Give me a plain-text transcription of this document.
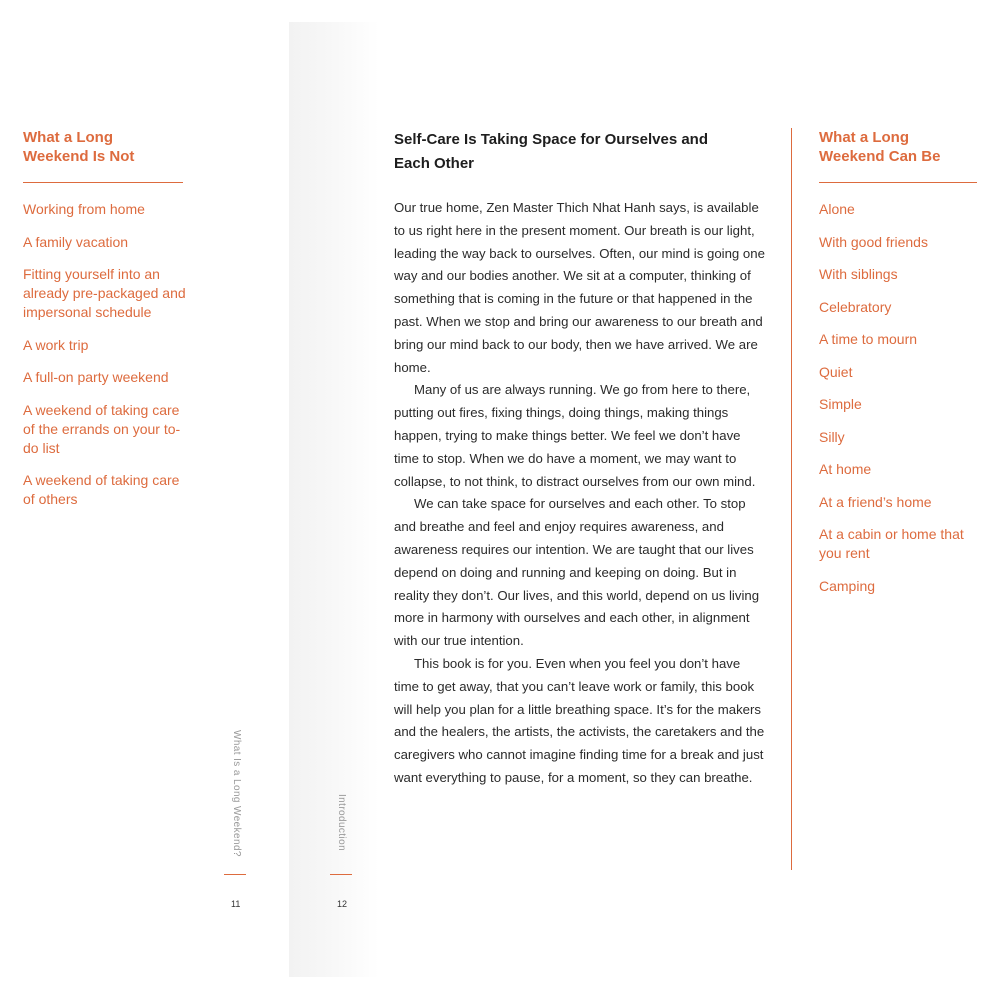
What a Long Weekend Is Not
Working from home
A family vacation
Fitting yourself into an already pre-packaged and impersonal schedule
A work trip
A full-on party weekend
A weekend of taking care of the errands on your to-do list
A weekend of taking care of others
What Is a Long Weekend?
11
Introduction
12
Self-Care Is Taking Space for Ourselves and Each Other

Our true home, Zen Master Thich Nhat Hanh says, is available to us right here in the present moment. Our breath is our light, leading the way back to ourselves. Often, our mind is going one way and our bodies another. We sit at a computer, thinking of something that is coming in the future or that happened in the past. When we stop and bring our awareness to our breath and bring our mind back to our body, then we have arrived. We are home.

Many of us are always running. We go from here to there, putting out fires, fixing things, doing things, making things happen, trying to make things better. We feel we don’t have time to stop. When we do have a moment, we may want to collapse, to not think, to distract ourselves from our own mind.

We can take space for ourselves and each other. To stop and breathe and feel and enjoy requires awareness, and awareness requires our intention. We are taught that our lives depend on doing and running and keeping on doing. But in reality they don’t. Our lives, and this world, depend on us living more in harmony with ourselves and each other, in alignment with our true intention.

This book is for you. Even when you feel you don’t have time to get away, that you can’t leave work or family, this book will help you plan for a little breathing space. It’s for the makers and the healers, the artists, the activists, the caretakers and the caregivers who cannot imagine finding time for a break and just want everything to pause, for a moment, so they can breathe.

What a Long Weekend Can Be
Alone
With good friends
With siblings
Celebratory
A time to mourn
Quiet
Simple
Silly
At home
At a friend’s home
At a cabin or home that you rent
Camping
